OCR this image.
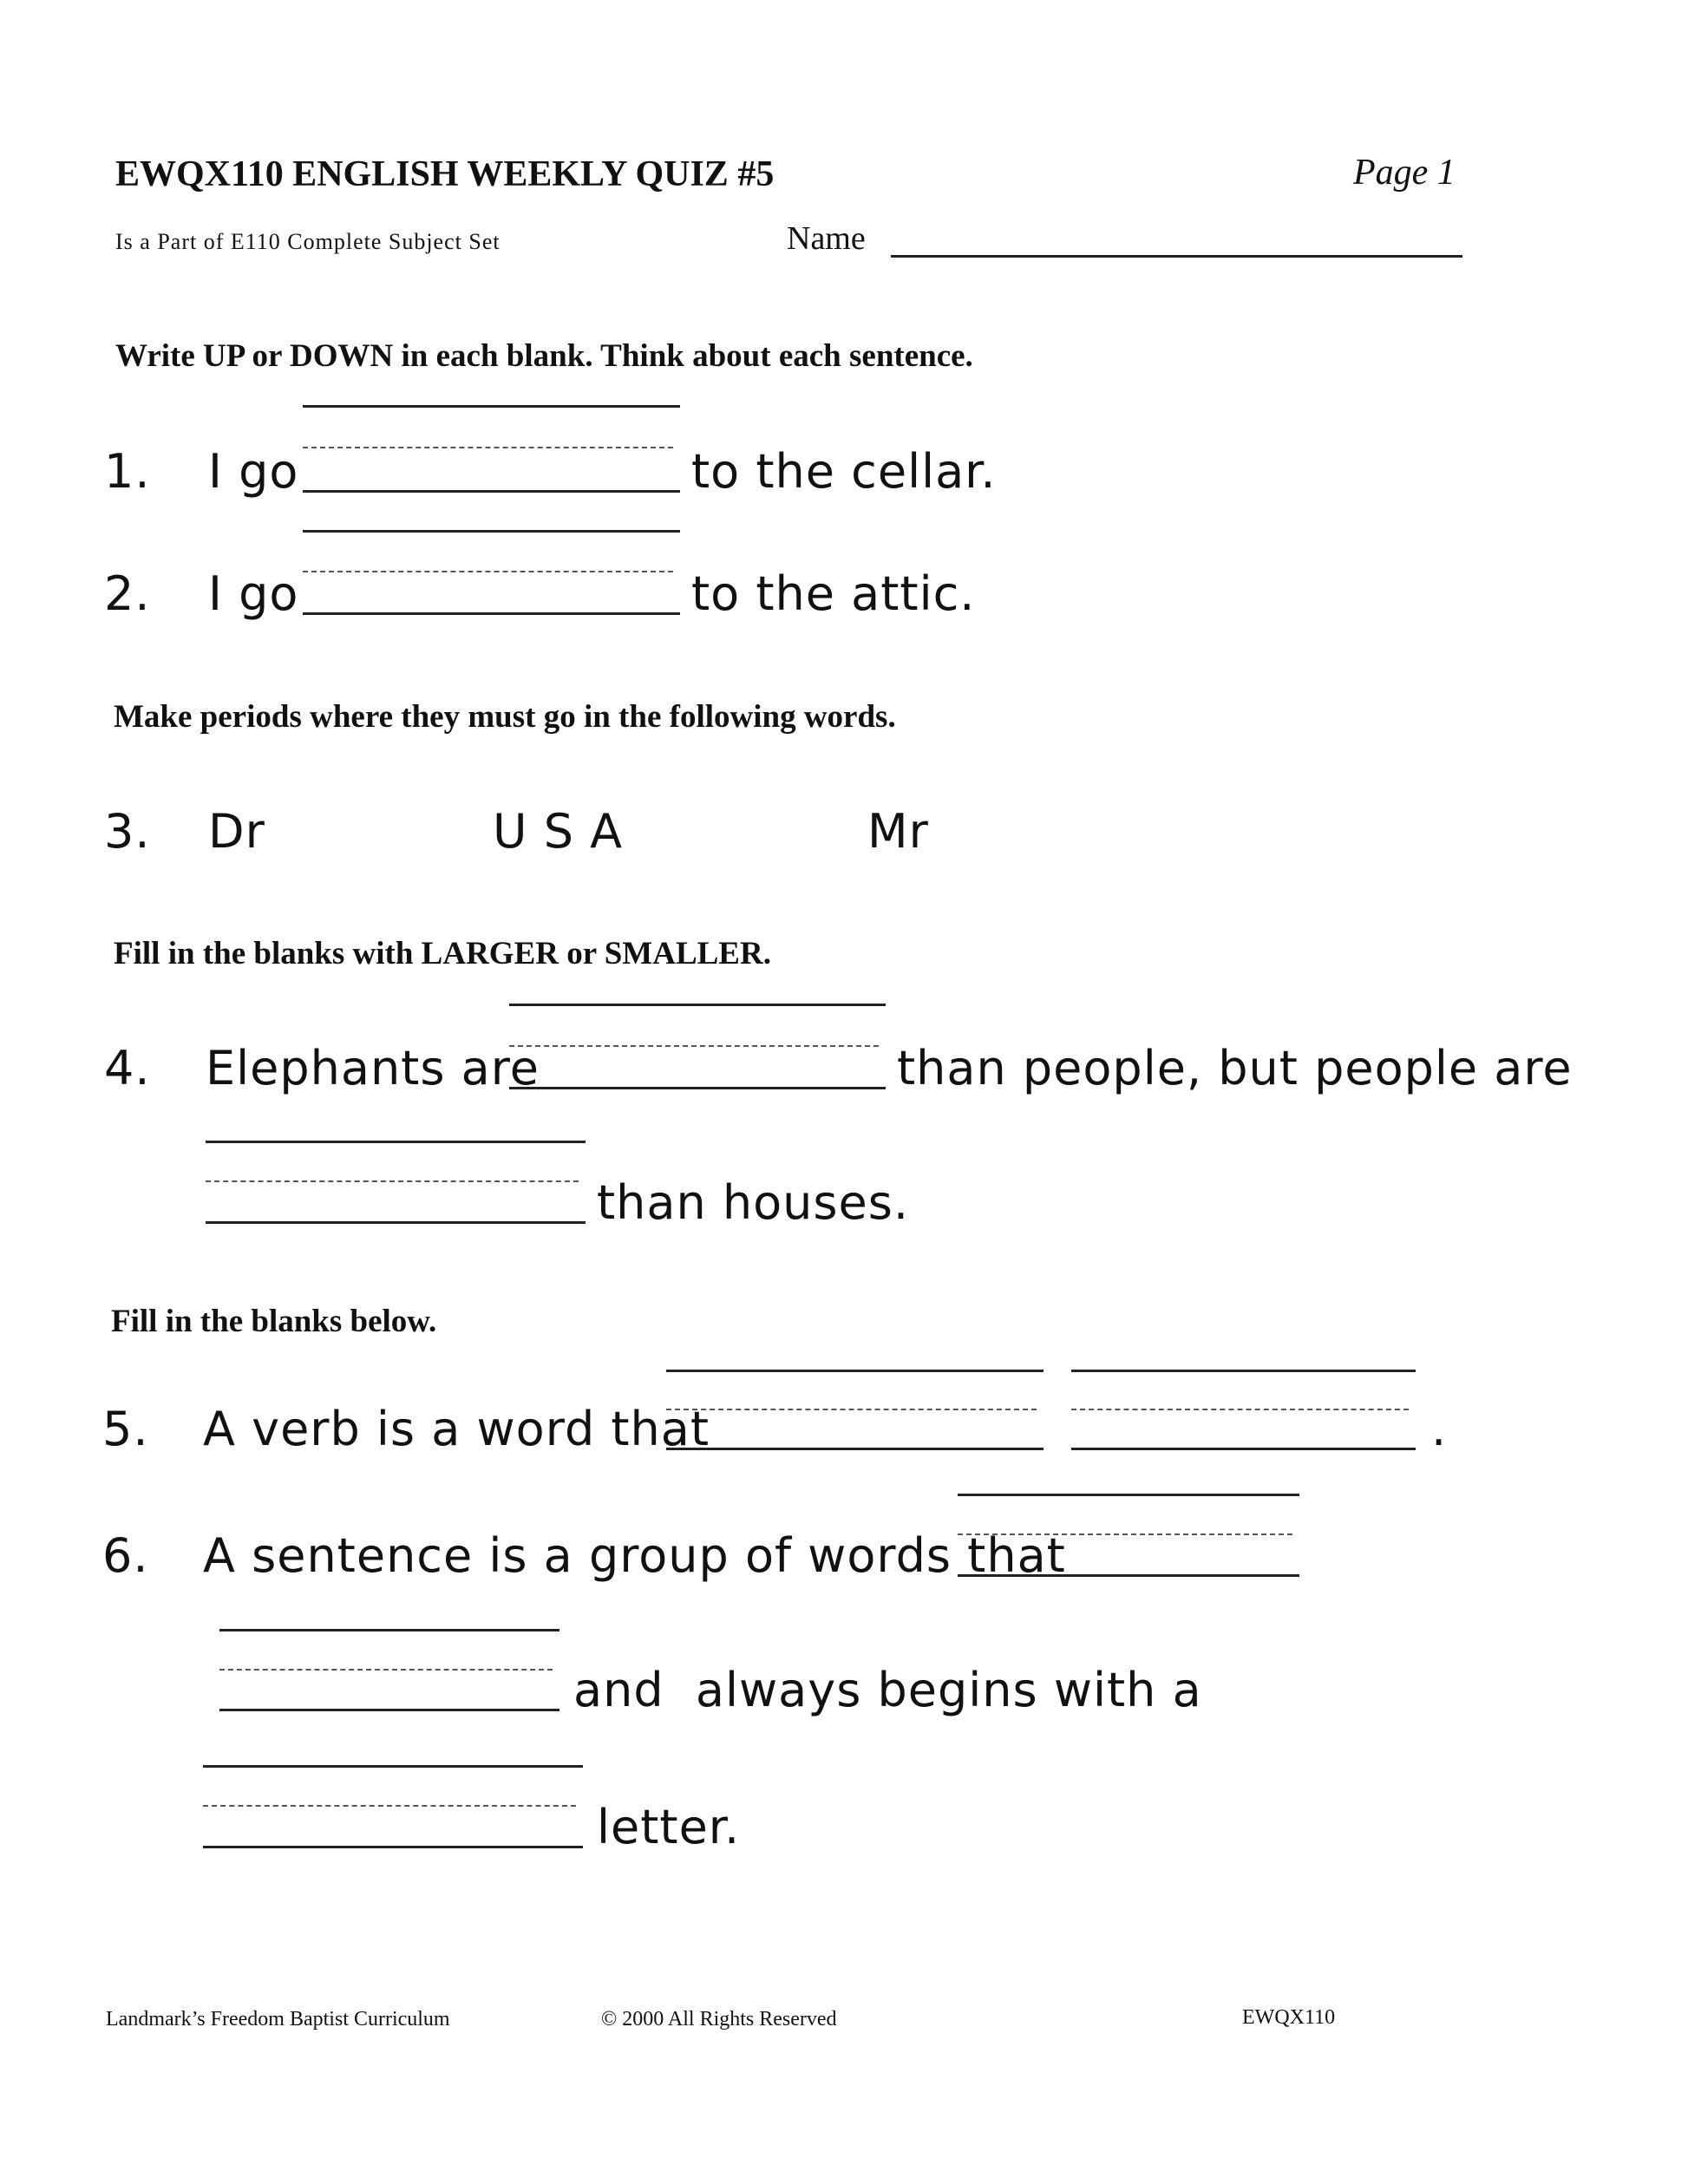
EWQX110 ENGLISH WEEKLY QUIZ #5	Page 1
Is a Part of E110 Complete Subject Set	Name
Write UP or DOWN in each blank. Think about each sentence.
1. I go	to the cellar.
2. I go	to the attic.
Make periods where they must go in the following words.
3. Dr	U S A	Mr
Fill in the blanks with LARGER or SMALLER.
4. Elephants are	than people, but people are
than houses.
Fill in the blanks below.
5. A verb is a word that	.
6. A sentence is a group of words that
and  always begins with a
letter.
Landmark’s Freedom Baptist Curriculum	© 2000 All Rights Reserved	EWQX110
